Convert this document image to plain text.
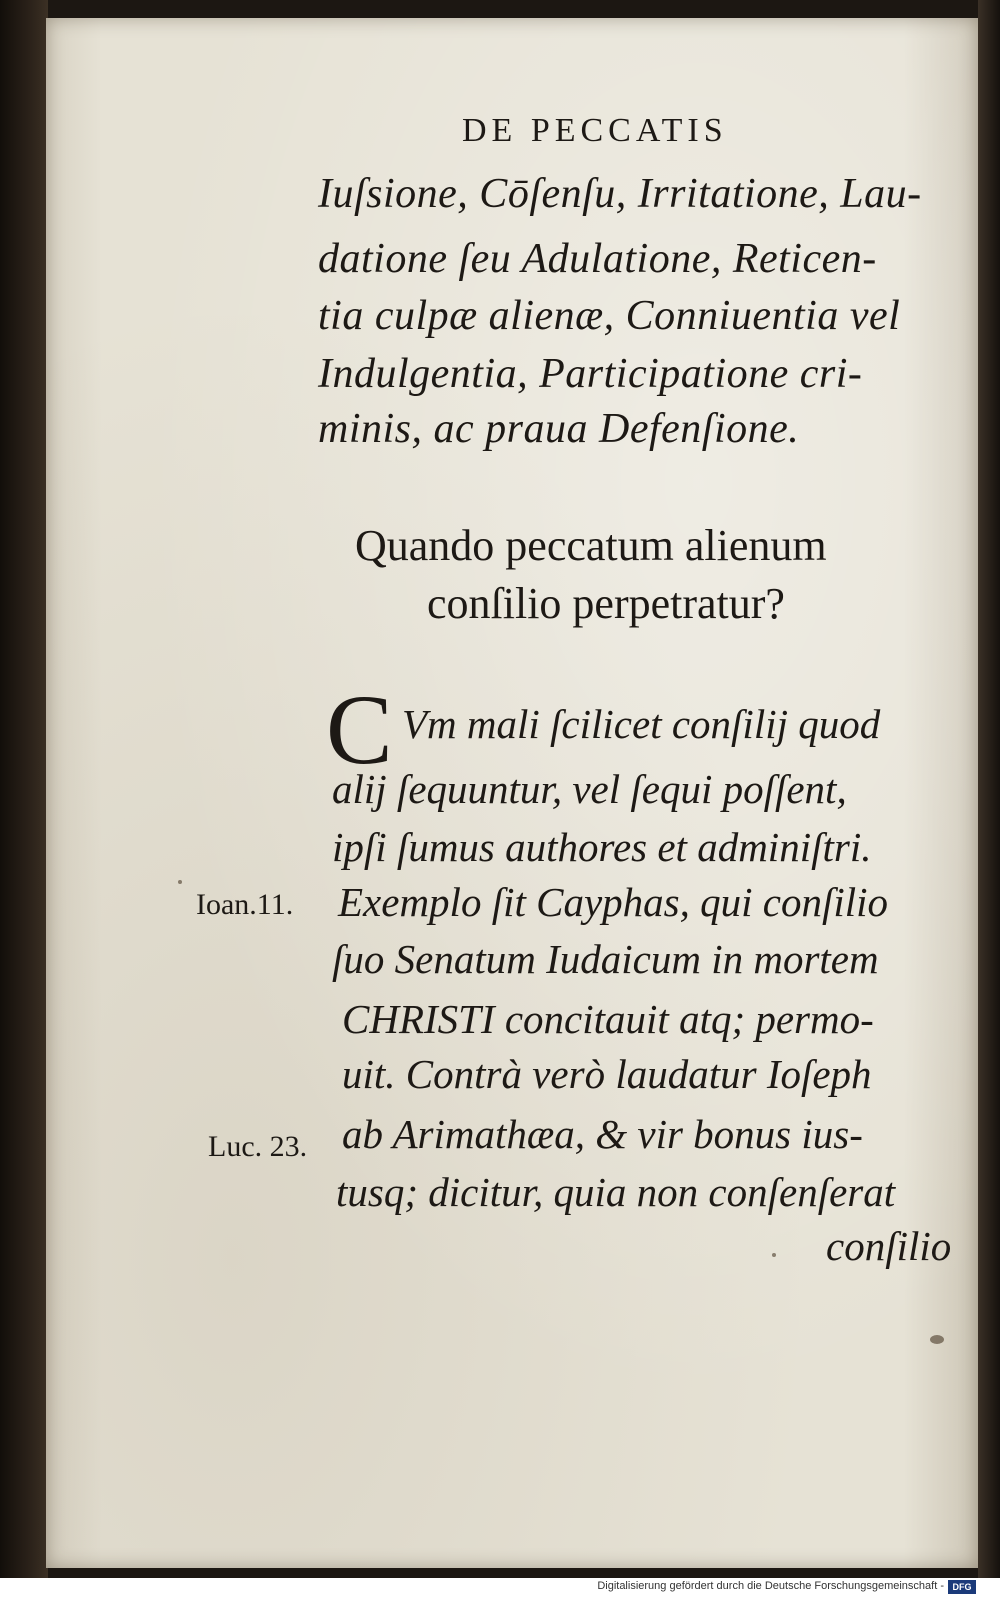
DE PECCATIS
Iuſsione, Cōſenſu, Irritatione, Lau-
datione ſeu Adulatione, Reticen-
tia culpæ alienæ, Conniuentia vel
Indulgentia, Participatione cri-
minis, ac praua Defenſione.
Quando peccatum alienum
conſilio perpetratur?
C Vm mali ſcilicet conſilij quod
alij ſequuntur, vel ſequi poſſent,
ipſi ſumus authores et adminiſtri.
Exemplo ſit Cayphas, qui conſilio
ſuo Senatum Iudaicum in mortem
CHRISTI concitauit atq; permo-
uit. Contrà verò laudatur Ioſeph
ab Arimathæa, & vir bonus ius-
tusq; dicitur, quia non conſenſerat
conſilio
Ioan.11.
Luc. 23.
Digitalisierung gefördert durch die Deutsche Forschungsgemeinschaft - DFG
